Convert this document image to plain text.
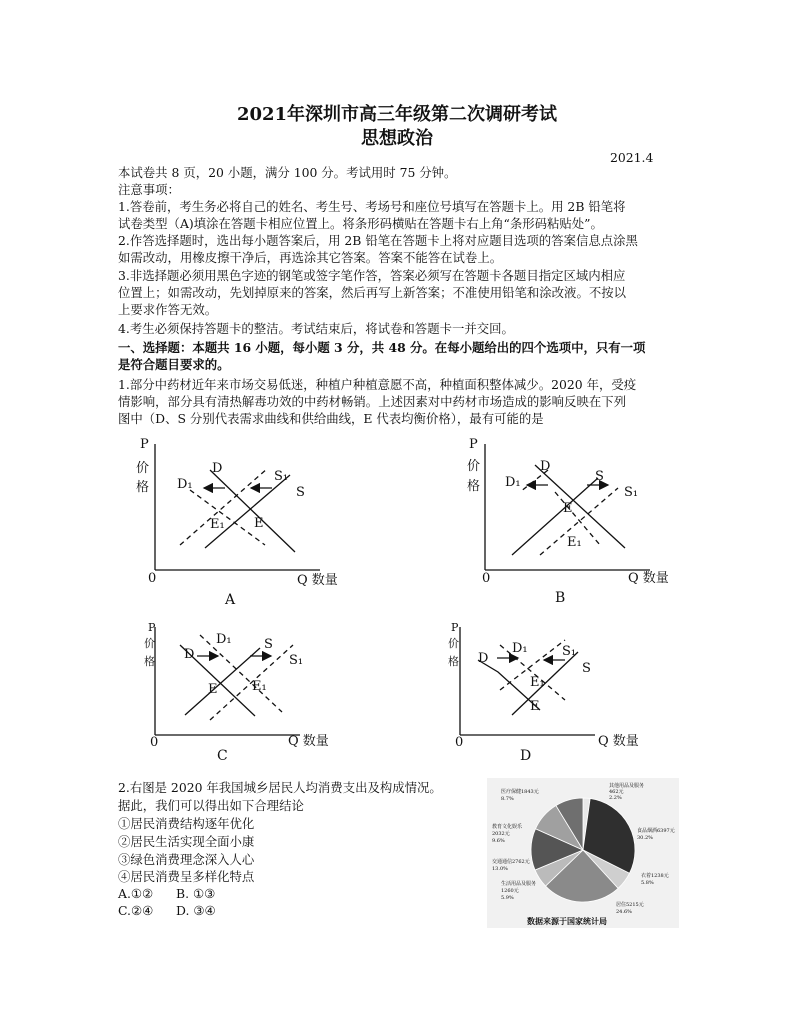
2021年深圳市高三年级第二次调研考试
思想政治
2021.4
本试卷共 8 页，20 小题，满分 100 分。考试用时 75 分钟。
注意事项：
1.答卷前，考生务必将自己的姓名、考生号、考场号和座位号填写在答题卡上。用 2B 铅笔将
试卷类型（A)填涂在答题卡相应位置上。将条形码横贴在答题卡右上角“条形码粘贴处”。
2.作答选择题时，选出每小题答案后，用 2B 铅笔在答题卡上将对应题目选项的答案信息点涂黑
如需改动，用橡皮擦干净后，再选涂其它答案。答案不能答在试卷上。
3.非选择题必须用黑色字迹的钢笔或签字笔作答，答案必须写在答题卡各题目指定区域内相应
位置上；如需改动，先划掉原来的答案，然后再写上新答案；不准使用铅笔和涂改液。不按以
上要求作答无效。
4.考生必须保持答题卡的整洁。考试结束后，将试卷和答题卡一并交回。
一、选择题：本题共 16 小题，每小题 3 分，共 48 分。在每小题给出的四个选项中，只有一项
是符合题目要求的。
1.部分中药材近年来市场交易低迷，种植户种植意愿不高，种植面积整体减少。2020 年，受疫
情影响，部分具有清热解毒功效的中药材畅销。上述因素对中药材市场造成的影响反映在下列
图中（D、S 分别代表需求曲线和供给曲线，E 代表均衡价格），最有可能的是
P
价
格
0	Q 数量
D
D₁
S₁
S
E₁ E
A
P
价
格
0	Q 数量
D
D₁	S
S₁
E
E₁
B
P
价
格
0	Q 数量
D₁
D
S
S₁
E	E₁
C
P
价
格
0	Q 数量
D
D₁	S₁
S
E₁
E
D
2.右图是 2020 年我国城乡居民人均消费支出及构成情况。
据此，我们可以得出如下合理结论
①居民消费结构逐年优化
②居民生活实现全面小康
③绿色消费理念深入人心
④居民消费呈多样化特点
A.①② B. ①③
C.②④ D. ③④
其他用品及服务
462元
2.2%
食品烟酒6397元
30.2%
衣着1238元
5.8%
居住5215元
24.6%
生活用品及服务
1260元
5.9%
交通通信2762元
13.0%
教育文化娱乐
2032元
9.6%
医疗保健1843元
8.7%
数据来源于国家统计局
